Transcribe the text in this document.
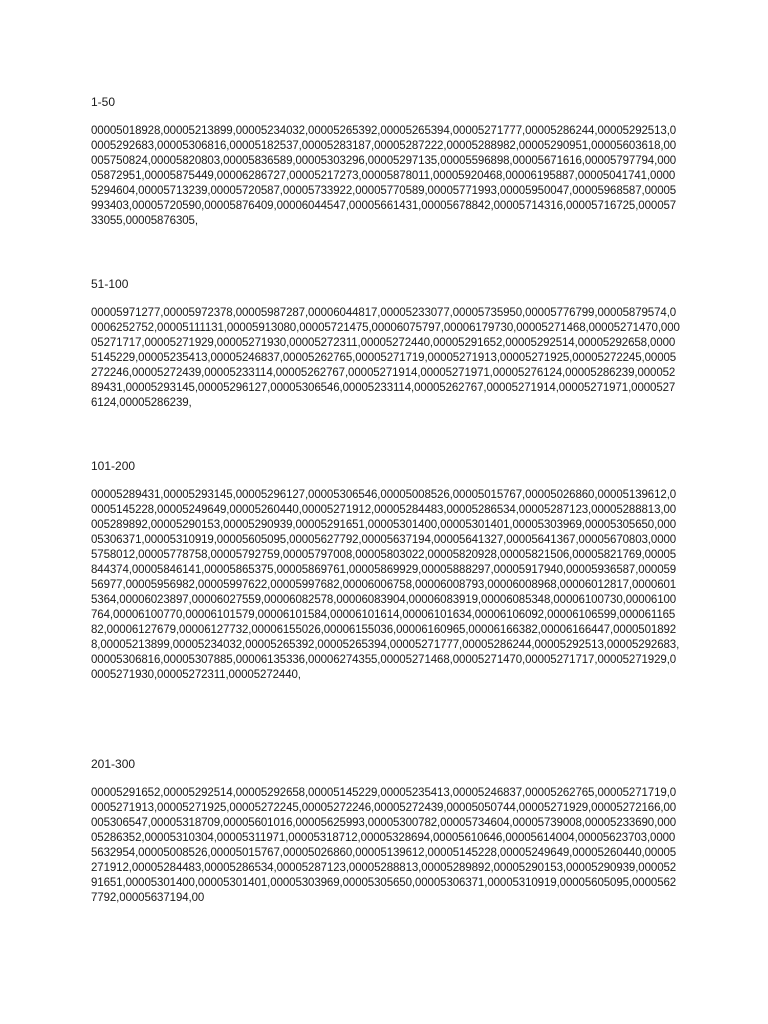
1-50

00005018928,00005213899,00005234032,00005265392,00005265394,00005271777,00005286244,00005292513,00005292683,00005306816,00005182537,00005283187,00005287222,00005288982,00005290951,00005603618,00005750824,00005820803,00005836589,00005303296,00005297135,00005596898,00005671616,00005797794,00005872951,00005875449,00006286727,00005217273,00005878011,00005920468,00006195887,00005041741,00005294604,00005713239,00005720587,00005733922,00005770589,00005771993,00005950047,00005968587,00005993403,00005720590,00005876409,00006044547,00005661431,00005678842,00005714316,00005716725,00005733055,00005876305,

51-100

00005971277,00005972378,00005987287,00006044817,00005233077,00005735950,00005776799,00005879574,00006252752,00005111131,00005913080,00005721475,00006075797,00006179730,00005271468,00005271470,00005271717,00005271929,00005271930,00005272311,00005272440,00005291652,00005292514,00005292658,00005145229,00005235413,00005246837,00005262765,00005271719,00005271913,00005271925,00005272245,00005272246,00005272439,00005233114,00005262767,00005271914,00005271971,00005276124,00005286239,00005289431,00005293145,00005296127,00005306546,00005233114,00005262767,00005271914,00005271971,00005276124,00005286239,

101-200

00005289431,00005293145,00005296127,00005306546,00005008526,00005015767,00005026860,00005139612,00005145228,00005249649,00005260440,00005271912,00005284483,00005286534,00005287123,00005288813,00005289892,00005290153,00005290939,00005291651,00005301400,00005301401,00005303969,00005305650,00005306371,00005310919,00005605095,00005627792,00005637194,00005641327,00005641367,00005670803,00005758012,00005778758,00005792759,00005797008,00005803022,00005820928,00005821506,00005821769,00005844374,00005846141,00005865375,00005869761,00005869929,00005888297,00005917940,00005936587,00005956977,00005956982,00005997622,00005997682,00006006758,00006008793,00006008968,00006012817,00006015364,00006023897,00006027559,00006082578,00006083904,00006083919,00006085348,00006100730,00006100764,00006100770,00006101579,00006101584,00006101614,00006101634,00006106092,00006106599,00006116582,00006127679,00006127732,00006155026,00006155036,00006160965,00006166382,00006166447,00005018928,00005213899,00005234032,00005265392,00005265394,00005271777,00005286244,00005292513,00005292683,00005306816,00005307885,00006135336,00006274355,00005271468,00005271470,00005271717,00005271929,00005271930,00005272311,00005272440,

201-300

00005291652,00005292514,00005292658,00005145229,00005235413,00005246837,00005262765,00005271719,00005271913,00005271925,00005272245,00005272246,00005272439,00005050744,00005271929,00005272166,00005306547,00005318709,00005601016,00005625993,00005300782,00005734604,00005739008,00005233690,00005286352,00005310304,00005311971,00005318712,00005328694,00005610646,00005614004,00005623703,00005632954,00005008526,00005015767,00005026860,00005139612,00005145228,00005249649,00005260440,00005271912,00005284483,00005286534,00005287123,00005288813,00005289892,00005290153,00005290939,00005291651,00005301400,00005301401,00005303969,00005305650,00005306371,00005310919,00005605095,00005627792,00005637194,00
